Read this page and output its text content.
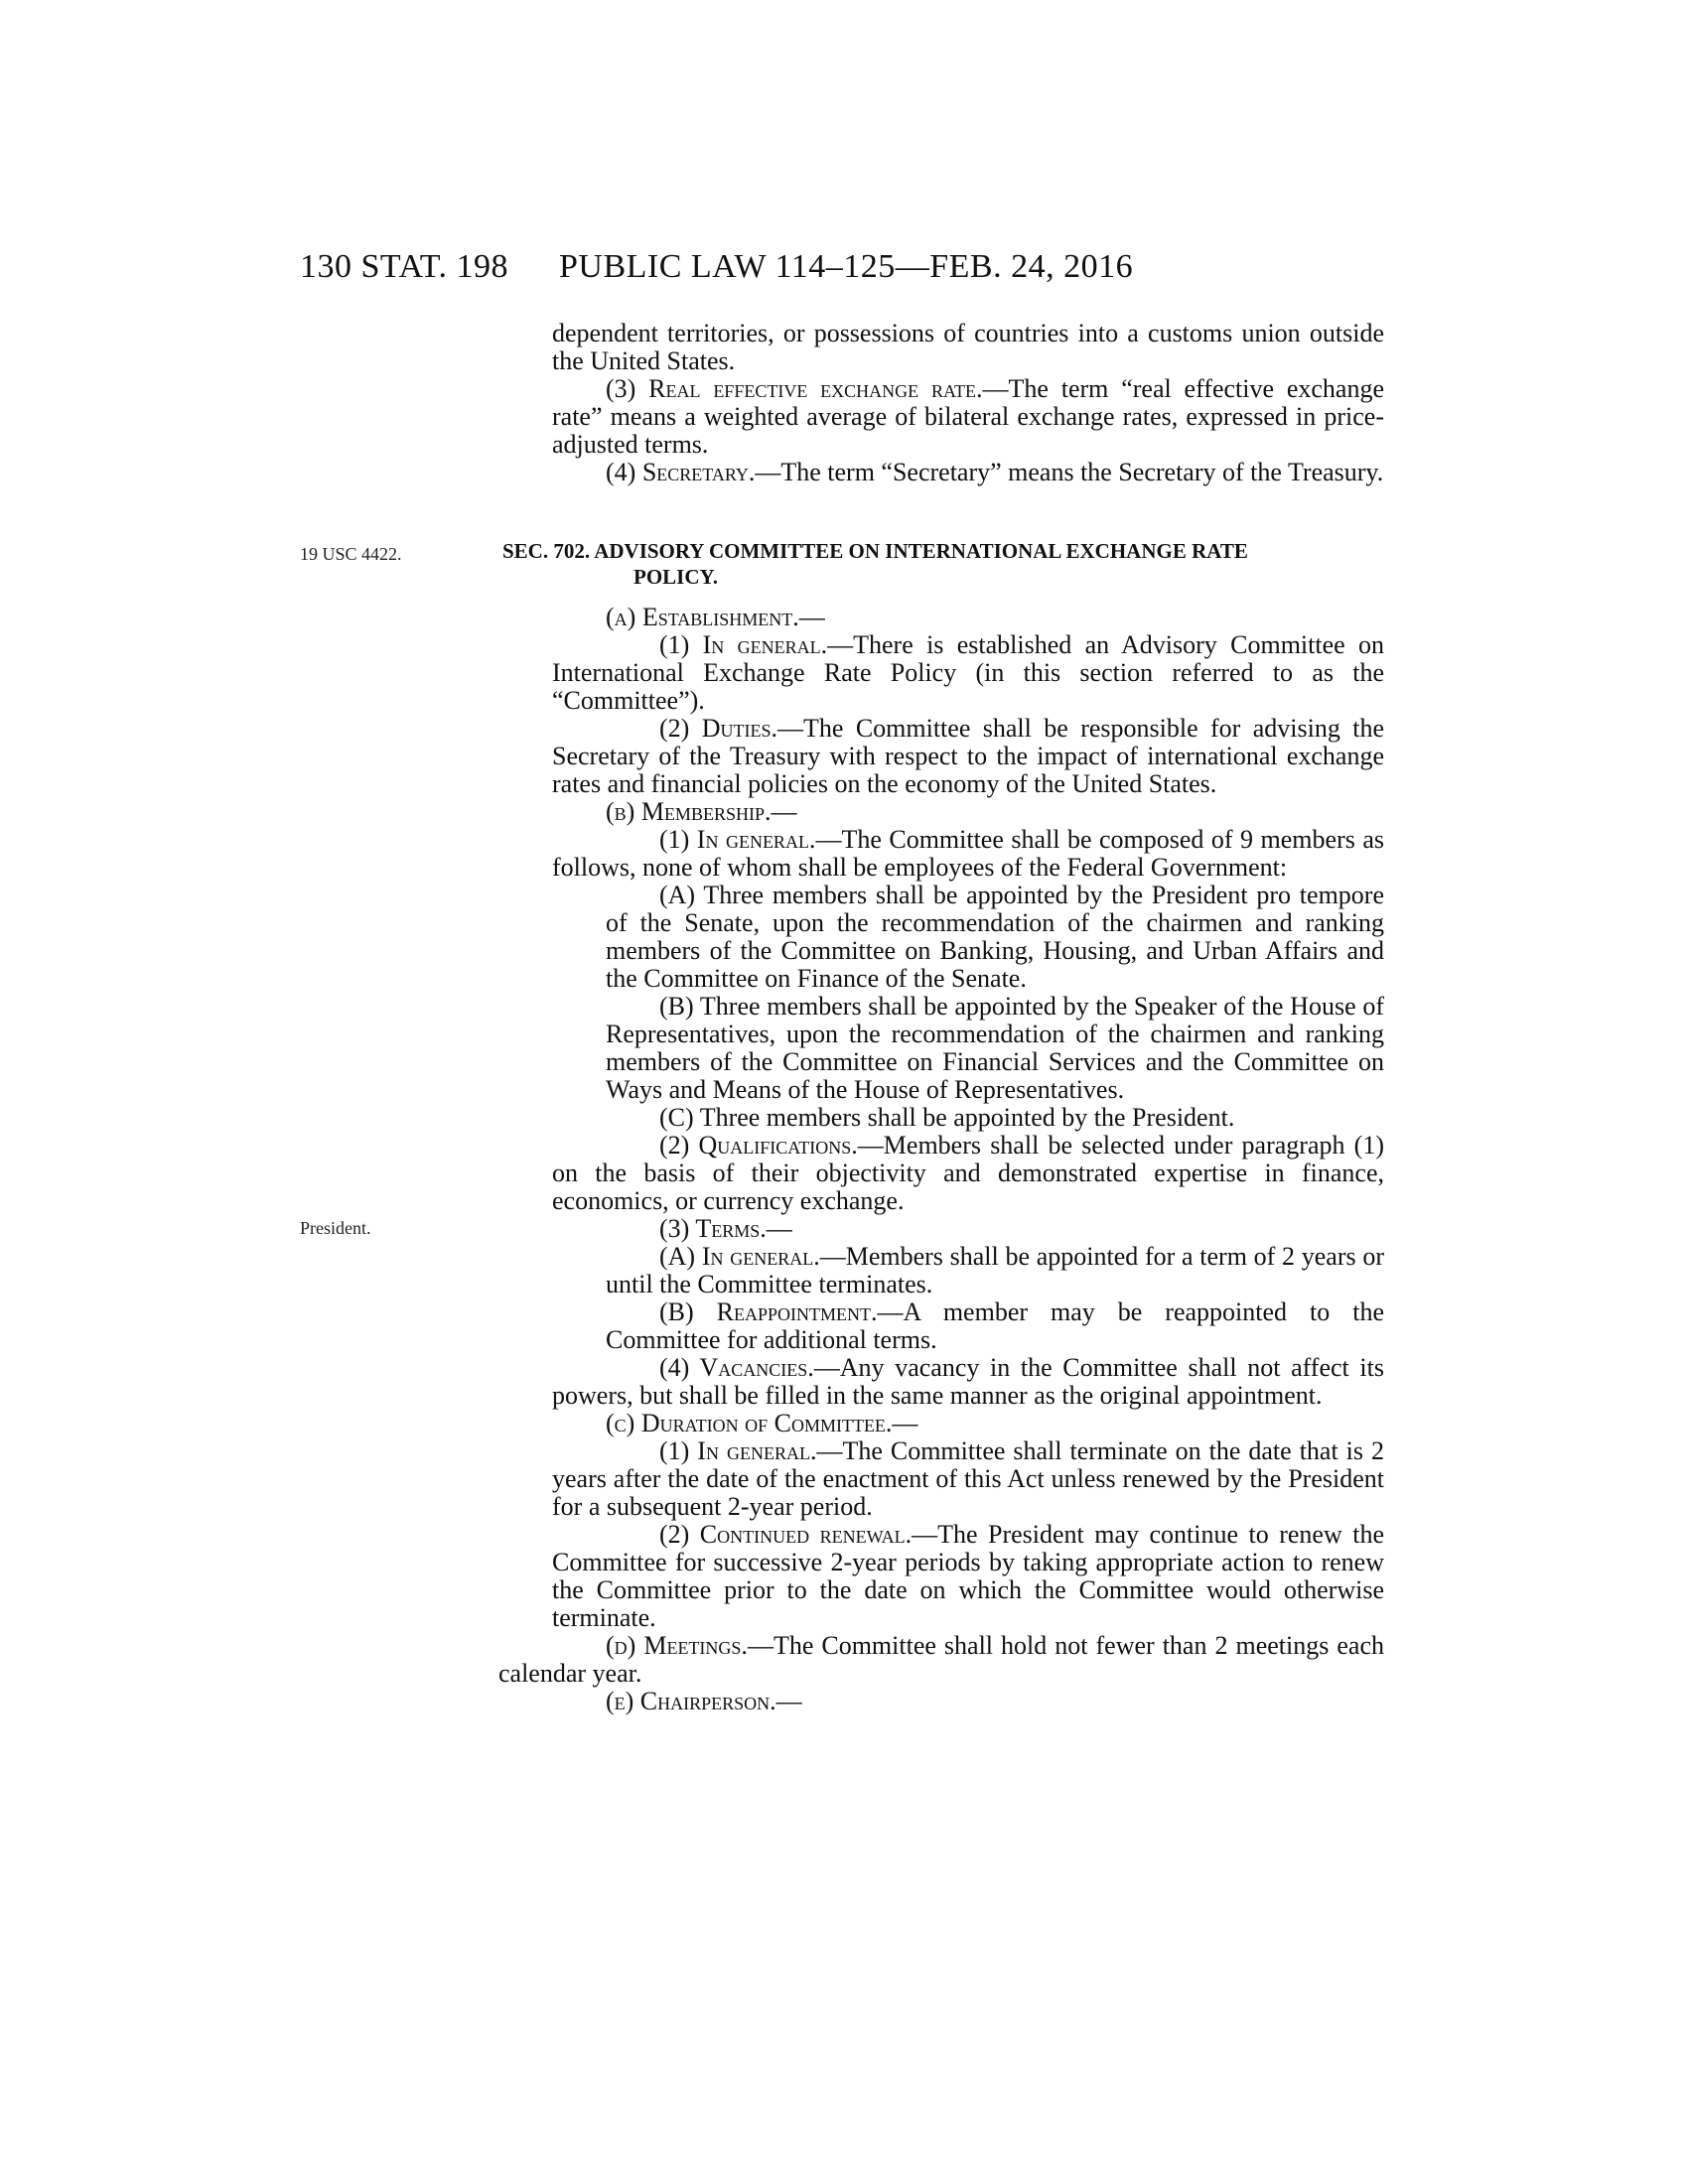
130 STAT. 198 PUBLIC LAW 114–125—FEB. 24, 2016
19 USC 4422.
President.

dependent territories, or possessions of countries into a customs union outside the United States.

(3) Real effective exchange rate.—The term “real effective exchange rate” means a weighted average of bilateral exchange rates, expressed in price-adjusted terms.

(4) Secretary.—The term “Secretary” means the Secretary of the Treasury.

SEC. 702. ADVISORY COMMITTEE ON INTERNATIONAL EXCHANGE RATE
POLICY.

(a) Establishment.—

(1) In general.—There is established an Advisory Committee on International Exchange Rate Policy (in this section referred to as the “Committee”).

(2) Duties.—The Committee shall be responsible for advising the Secretary of the Treasury with respect to the impact of international exchange rates and financial policies on the economy of the United States.

(b) Membership.—

(1) In general.—The Committee shall be composed of 9 members as follows, none of whom shall be employees of the Federal Government:

(A) Three members shall be appointed by the President pro tempore of the Senate, upon the recommendation of the chairmen and ranking members of the Committee on Banking, Housing, and Urban Affairs and the Committee on Finance of the Senate.

(B) Three members shall be appointed by the Speaker of the House of Representatives, upon the recommendation of the chairmen and ranking members of the Committee on Financial Services and the Committee on Ways and Means of the House of Representatives.

(C) Three members shall be appointed by the President.

(2) Qualifications.—Members shall be selected under paragraph (1) on the basis of their objectivity and demonstrated expertise in finance, economics, or currency exchange.

(3) Terms.—

(A) In general.—Members shall be appointed for a term of 2 years or until the Committee terminates.

(B) Reappointment.—A member may be reappointed to the Committee for additional terms.

(4) Vacancies.—Any vacancy in the Committee shall not affect its powers, but shall be filled in the same manner as the original appointment.

(c) Duration of Committee.—

(1) In general.—The Committee shall terminate on the date that is 2 years after the date of the enactment of this Act unless renewed by the President for a subsequent 2-year period.

(2) Continued renewal.—The President may continue to renew the Committee for successive 2-year periods by taking appropriate action to renew the Committee prior to the date on which the Committee would otherwise terminate.

(d) Meetings.—The Committee shall hold not fewer than 2 meetings each calendar year.

(e) Chairperson.—
